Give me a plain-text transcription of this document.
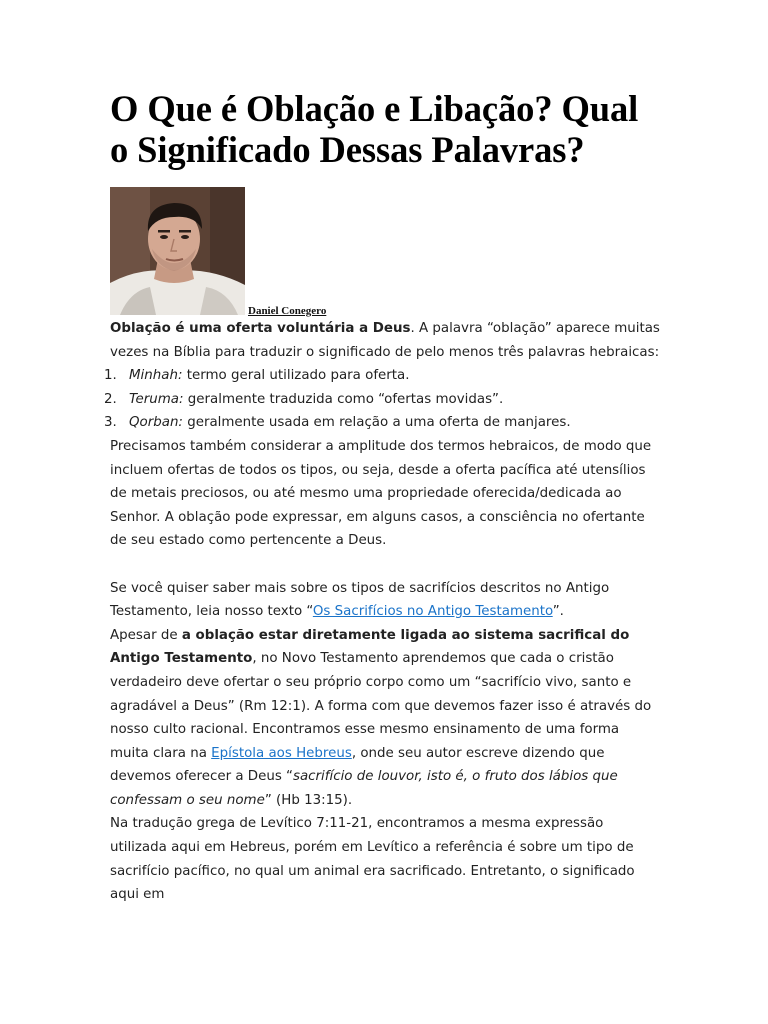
O Que é Oblação e Libação? Qual o Significado Dessas Palavras?
Daniel Conegero

Oblação é uma oferta voluntária a Deus. A palavra “oblação” aparece muitas vezes na Bíblia para traduzir o significado de pelo menos três palavras hebraicas:

1. Minhah: termo geral utilizado para oferta.
2. Teruma: geralmente traduzida como “ofertas movidas”.
3. Qorban: geralmente usada em relação a uma oferta de manjares.

Precisamos também considerar a amplitude dos termos hebraicos, de modo que incluem ofertas de todos os tipos, ou seja, desde a oferta pacífica até utensílios de metais preciosos, ou até mesmo uma propriedade oferecida/dedicada ao Senhor. A oblação pode expressar, em alguns casos, a consciência no ofertante de seu estado como pertencente a Deus.

Se você quiser saber mais sobre os tipos de sacrifícios descritos no Antigo Testamento, leia nosso texto “Os Sacrifícios no Antigo Testamento”.

Apesar de a oblação estar diretamente ligada ao sistema sacrifical do Antigo Testamento, no Novo Testamento aprendemos que cada o cristão verdadeiro deve ofertar o seu próprio corpo como um “sacrifício vivo, santo e agradável a Deus” (Rm 12:1). A forma com que devemos fazer isso é através do nosso culto racional. Encontramos esse mesmo ensinamento de uma forma muita clara na Epístola aos Hebreus, onde seu autor escreve dizendo que devemos oferecer a Deus “sacrifício de louvor, isto é, o fruto dos lábios que confessam o seu nome” (Hb 13:15).

Na tradução grega de Levítico 7:11-21, encontramos a mesma expressão utilizada aqui em Hebreus, porém em Levítico a referência é sobre um tipo de sacrifício pacífico, no qual um animal era sacrificado. Entretanto, o significado aqui em
